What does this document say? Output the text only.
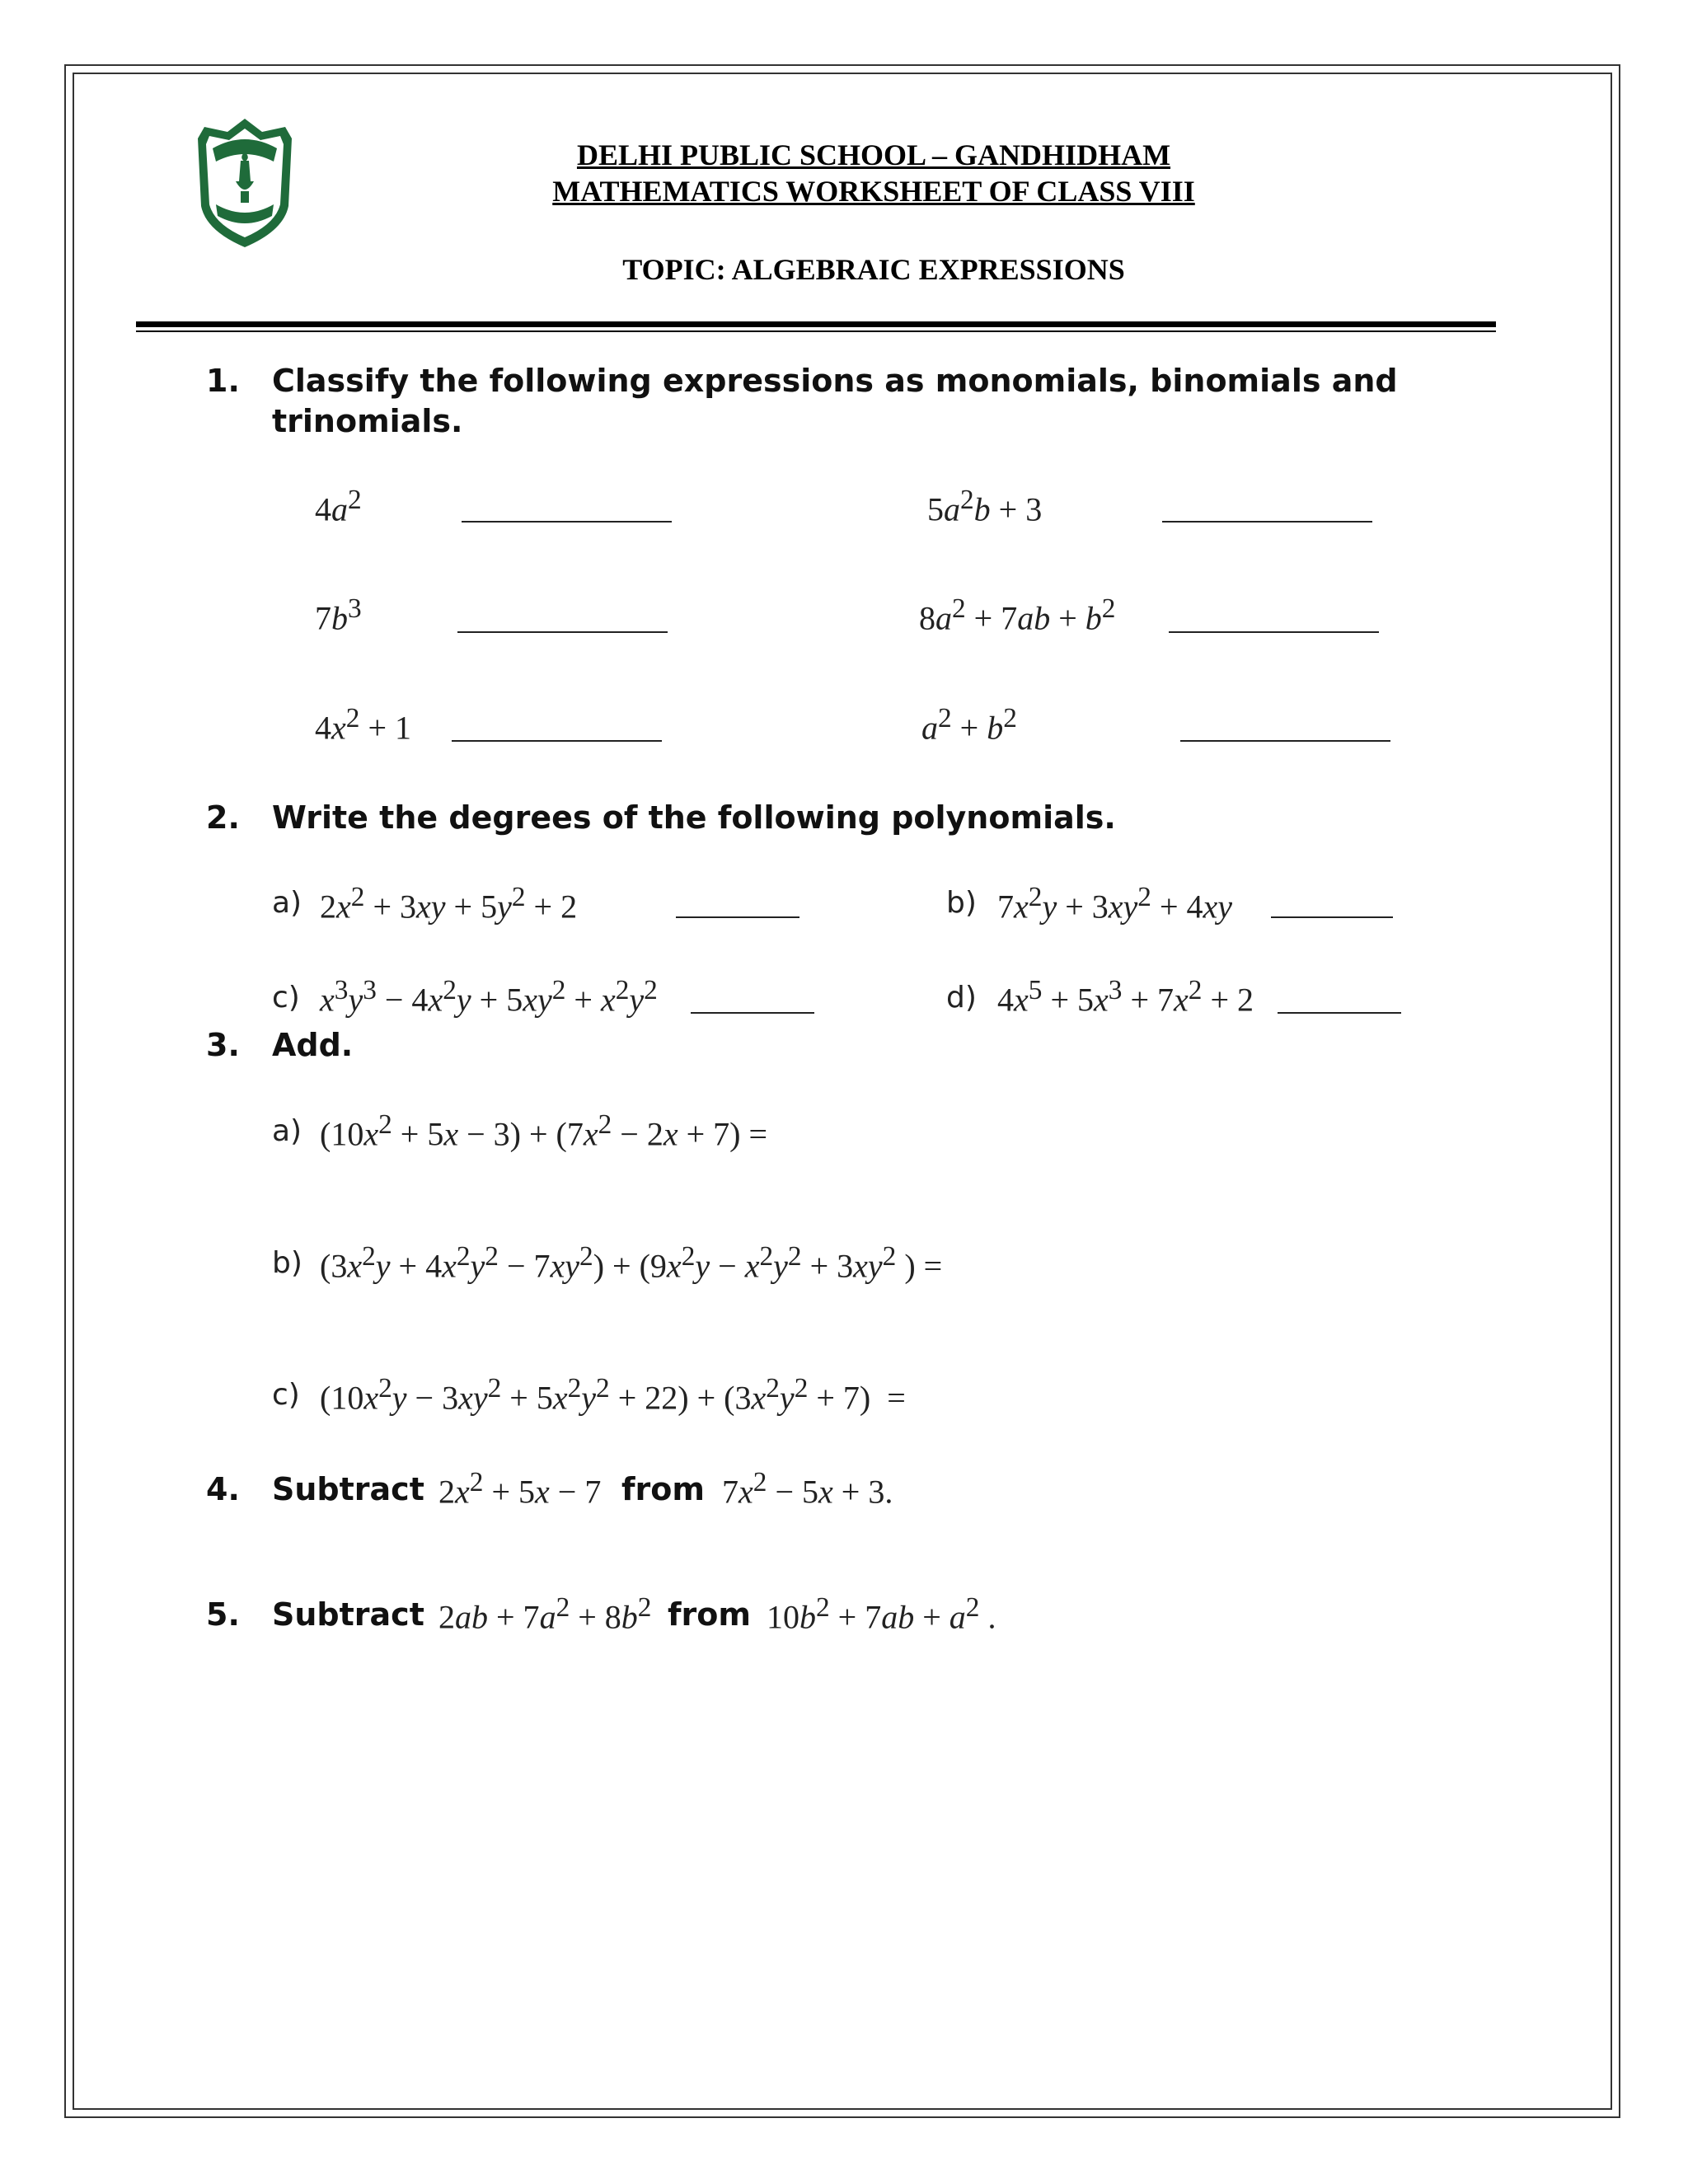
DELHI PUBLIC SCHOOL – GANDHIDHAM
MATHEMATICS WORKSHEET OF CLASS VIII
TOPIC: ALGEBRAIC EXPRESSIONS
1. Classify the following expressions as monomials, binomials and
trinomials.
$4a^2$	$5a^2b + 3$
$7b^3$	$8a^2 + 7ab + b^2$
$4x^2 + 1$	$a^2 + b^2$
2. Write the degrees of the following polynomials.
a) $2x^2 + 3xy + 5y^2 + 2$	b) $7x^2y + 3xy^2 + 4xy$
c) $x^3y^3 - 4x^2y + 5xy^2 + x^2y^2$	d) $4x^5 + 5x^3 + 7x^2 + 2$
3. Add.
a) $(10x^2 + 5x - 3) + (7x^2 - 2x + 7)$ =
b) $(3x^2y + 4x^2y^2 - 7xy^2) + (9x^2y - x^2y^2 + 3xy^2$ ) =
c) $(10x^2y - 3xy^2 + 5x^2y^2 + 22) + (3x^2y^2 + 7)$  =
4. Subtract $2x^2 + 5x - 7$ from $7x^2 - 5x + 3$.
5. Subtract $2ab + 7a^2 + 8b^2$ from $10b^2 + 7ab + a^2$ .
